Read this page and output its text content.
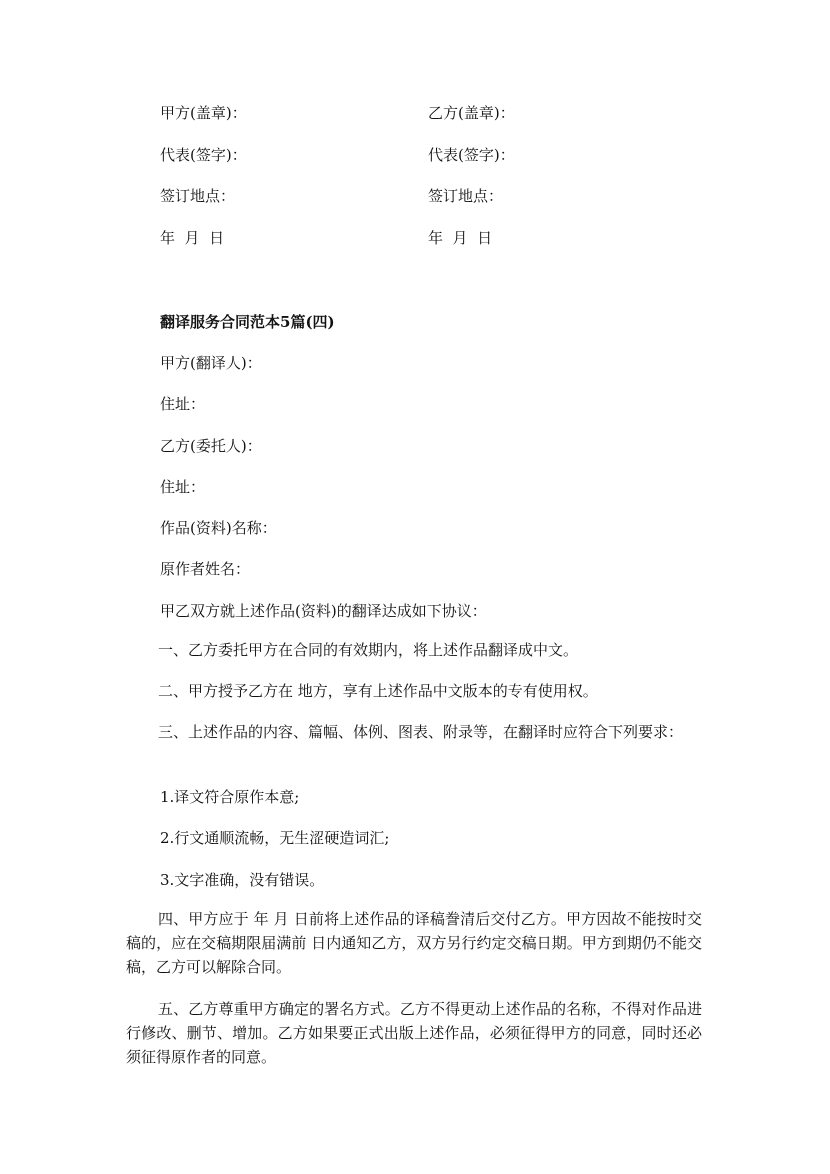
甲方(盖章)：	乙方(盖章)：
代表(签字)：	代表(签字)：
签订地点：	签订地点：
年  月  日	年  月  日
翻译服务合同范本5篇(四)
甲方(翻译人)：
住址：
乙方(委托人)：
住址：
作品(资料)名称：
原作者姓名：
甲乙双方就上述作品(资料)的翻译达成如下协议：
一、乙方委托甲方在合同的有效期内，将上述作品翻译成中文。
二、甲方授予乙方在 地方，享有上述作品中文版本的专有使用权。
三、上述作品的内容、篇幅、体例、图表、附录等，在翻译时应符合下列要求：
1.译文符合原作本意;
2.行文通顺流畅，无生涩硬造词汇;
3.文字准确，没有错误。
四、甲方应于 年 月 日前将上述作品的译稿誊清后交付乙方。甲方因故不能按时交稿的，应在交稿期限届满前 日内通知乙方，双方另行约定交稿日期。甲方到期仍不能交稿，乙方可以解除合同。
五、乙方尊重甲方确定的署名方式。乙方不得更动上述作品的名称，不得对作品进行修改、删节、增加。乙方如果要正式出版上述作品，必须征得甲方的同意，同时还必须征得原作者的同意。
